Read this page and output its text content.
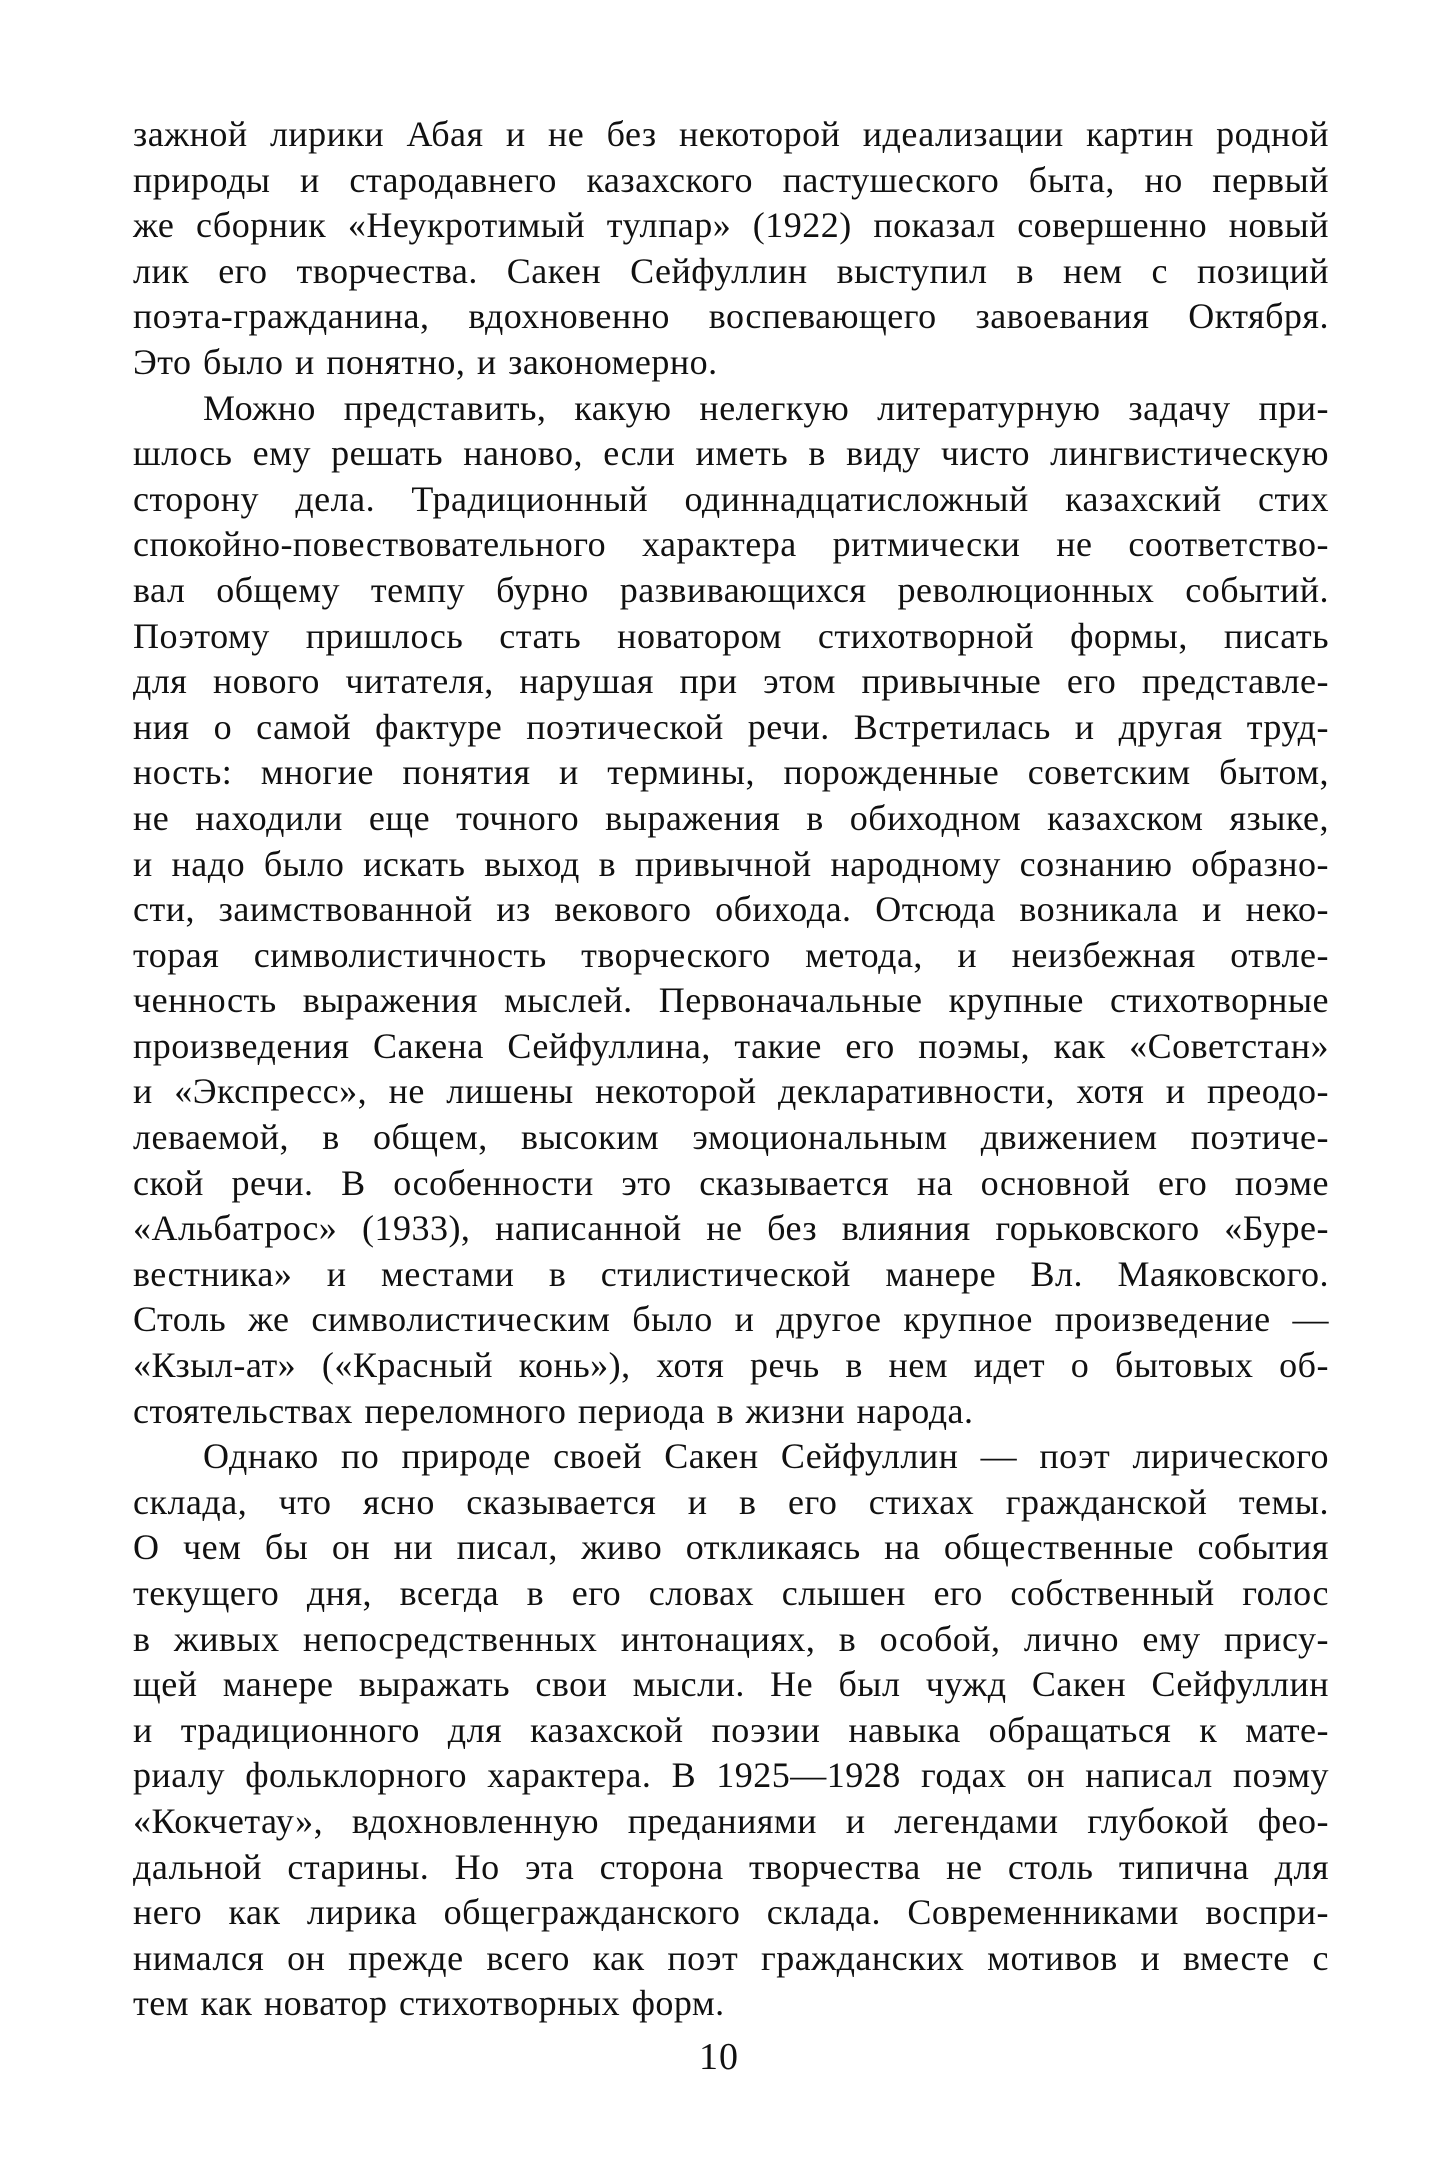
зажной лирики Абая и не без некоторой идеализации картин родной
природы и стародавнего казахского пастушеского быта, но первый
же сборник «Неукротимый тулпар» (1922) показал совершенно новый
лик его творчества. Сакен Сейфуллин выступил в нем с позиций
поэта-гражданина, вдохновенно воспевающего завоевания Октября.
Это было и понятно, и закономерно.
Можно представить, какую нелегкую литературную задачу при-
шлось ему решать наново, если иметь в виду чисто лингвистическую
сторону дела. Традиционный одиннадцатисложный казахский стих
спокойно-повествовательного характера ритмически не соответство-
вал общему темпу бурно развивающихся революционных событий.
Поэтому пришлось стать новатором стихотворной формы, писать
для нового читателя, нарушая при этом привычные его представле-
ния о самой фактуре поэтической речи. Встретилась и другая труд-
ность: многие понятия и термины, порожденные советским бытом,
не находили еще точного выражения в обиходном казахском языке,
и надо было искать выход в привычной народному сознанию образно-
сти, заимствованной из векового обихода. Отсюда возникала и неко-
торая символистичность творческого метода, и неизбежная отвле-
ченность выражения мыслей. Первоначальные крупные стихотворные
произведения Сакена Сейфуллина, такие его поэмы, как «Советстан»
и «Экспресс», не лишены некоторой декларативности, хотя и преодо-
леваемой, в общем, высоким эмоциональным движением поэтиче-
ской речи. В особенности это сказывается на основной его поэме
«Альбатрос» (1933), написанной не без влияния горьковского «Буре-
вестника» и местами в стилистической манере Вл. Маяковского.
Столь же символистическим было и другое крупное произведение —
«Кзыл-ат» («Красный конь»), хотя речь в нем идет о бытовых об-
стоятельствах переломного периода в жизни народа.
Однако по природе своей Сакен Сейфуллин — поэт лирического
склада, что ясно сказывается и в его стихах гражданской темы.
О чем бы он ни писал, живо откликаясь на общественные события
текущего дня, всегда в его словах слышен его собственный голос
в живых непосредственных интонациях, в особой, лично ему прису-
щей манере выражать свои мысли. Не был чужд Сакен Сейфуллин
и традиционного для казахской поэзии навыка обращаться к мате-
риалу фольклорного характера. В 1925—1928 годах он написал поэму
«Кокчетау», вдохновленную преданиями и легендами глубокой фео-
дальной старины. Но эта сторона творчества не столь типична для
него как лирика общегражданского склада. Современниками воспри-
нимался он прежде всего как поэт гражданских мотивов и вместе с
тем как новатор стихотворных форм.
10
